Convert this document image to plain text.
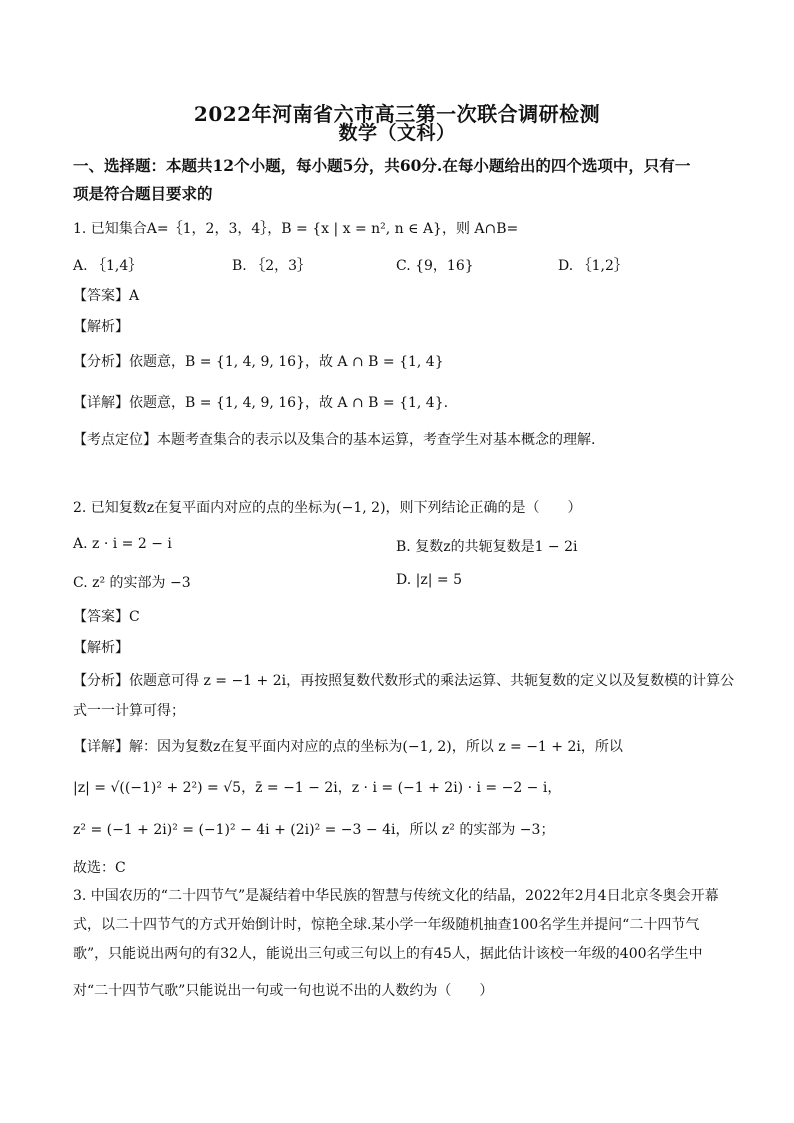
2022年河南省六市高三第一次联合调研检测
数学（文科）
一、选择题：本题共12个小题，每小题5分，共60分.在每小题给出的四个选项中，只有一
项是符合题目要求的
1. 已知集合A=｛1，2，3，4｝，B = {x | x = n², n ∈ A}，则 A∩B=
A. ｛1,4｝	B. ｛2，3｝	C. {9，16}	D. ｛1,2｝
【答案】A
【解析】
【分析】依题意，B = {1, 4, 9, 16}，故 A ∩ B = {1, 4}
【详解】依题意，B = {1, 4, 9, 16}，故 A ∩ B = {1, 4}.
【考点定位】本题考查集合的表示以及集合的基本运算，考查学生对基本概念的理解.
2. 已知复数z在复平面内对应的点的坐标为(−1, 2)，则下列结论正确的是（　　）
A. z · i = 2 − i	B. 复数z的共轭复数是1 − 2i
C. z² 的实部为 −3	D. |z| = 5
【答案】C
【解析】
【分析】依题意可得 z = −1 + 2i，再按照复数代数形式的乘法运算、共轭复数的定义以及复数模的计算公
式一一计算可得；
【详解】解：因为复数z在复平面内对应的点的坐标为(−1, 2)，所以 z = −1 + 2i，所以
|z| = √((−1)² + 2²) = √5，z̄ = −1 − 2i，z · i = (−1 + 2i) · i = −2 − i，
z² = (−1 + 2i)² = (−1)² − 4i + (2i)² = −3 − 4i，所以 z² 的实部为 −3；
故选：C
3. 中国农历的“二十四节气”是凝结着中华民族的智慧与传统文化的结晶，2022年2月4日北京冬奥会开幕
式，以二十四节气的方式开始倒计时，惊艳全球.某小学一年级随机抽查100名学生并提问“二十四节气
歌”，只能说出两句的有32人，能说出三句或三句以上的有45人，据此估计该校一年级的400名学生中
对“二十四节气歌”只能说出一句或一句也说不出的人数约为（　　）
